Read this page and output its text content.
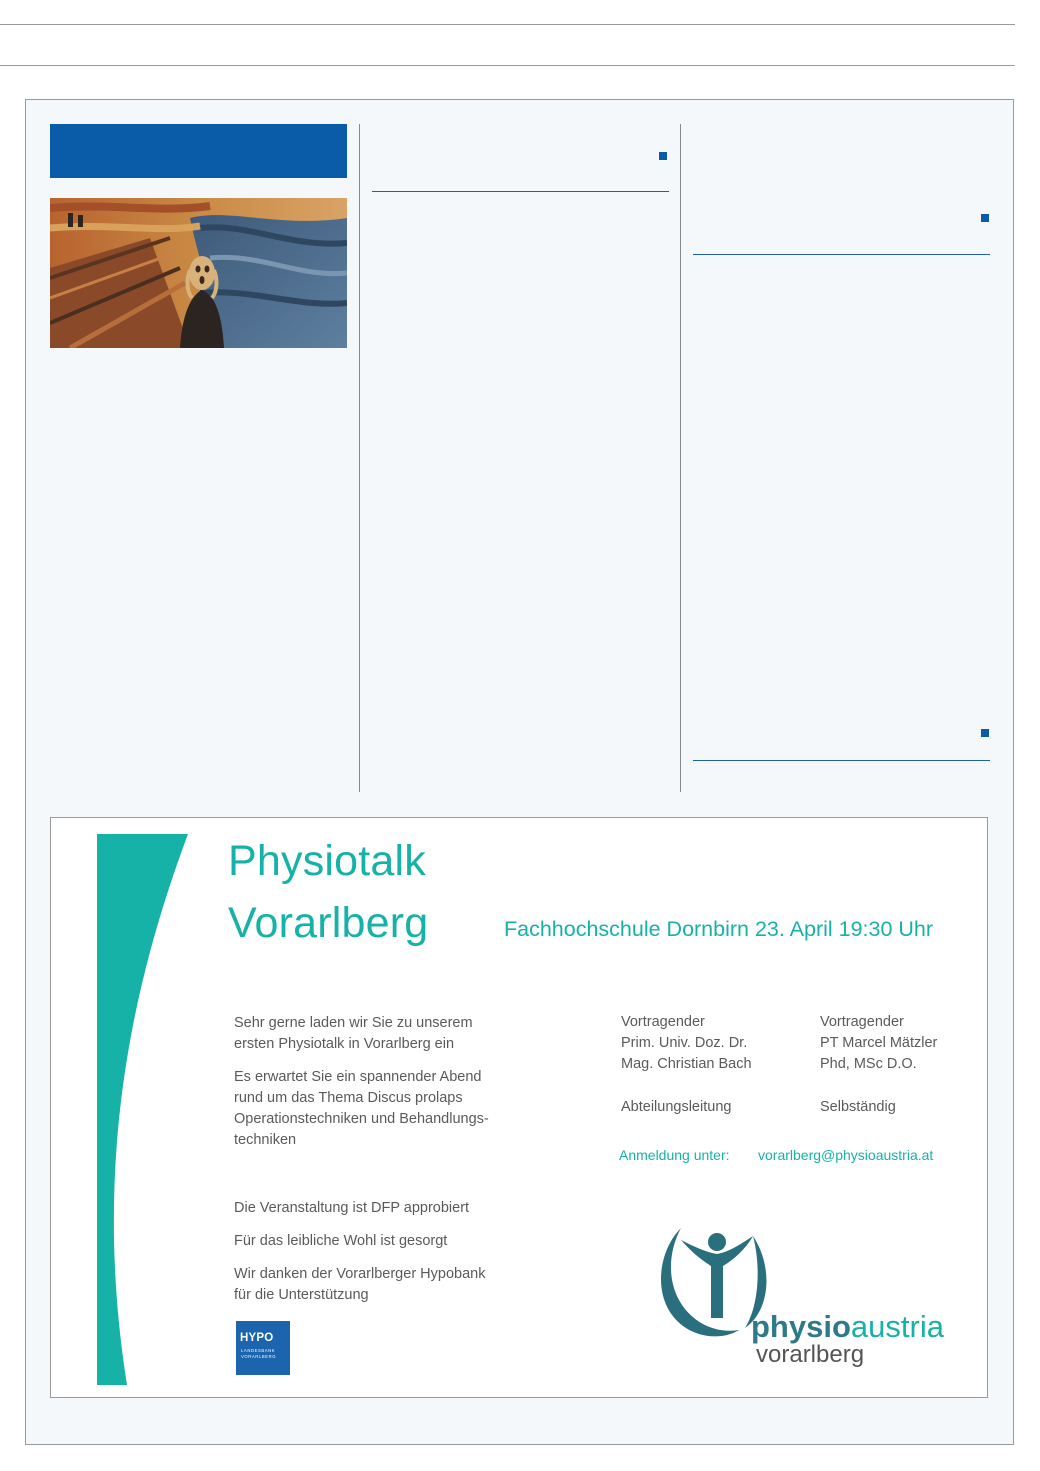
Physiotalk
Vorarlberg	Fachhochschule Dornbirn 23. April 19:30 Uhr
Sehr gerne laden wir Sie zu unserem
ersten Physiotalk in Vorarlberg ein
Es erwartet Sie ein spannender Abend
rund um das Thema Discus prolaps
Operationstechniken und Behandlungs-
techniken
Die Veranstaltung ist DFP approbiert
Für das leibliche Wohl ist gesorgt
Wir danken der Vorarlberger Hypobank
für die Unterstützung
Vortragender
Prim. Univ. Doz. Dr.
Mag. Christian Bach
Abteilungsleitung
Vortragender
PT Marcel Mätzler
Phd, MSc D.O.
Selbständig
Anmeldung unter: vorarlberg@physioaustria.at
HYPO
LANDESBANK
VORARLBERG
physioaustria
vorarlberg
